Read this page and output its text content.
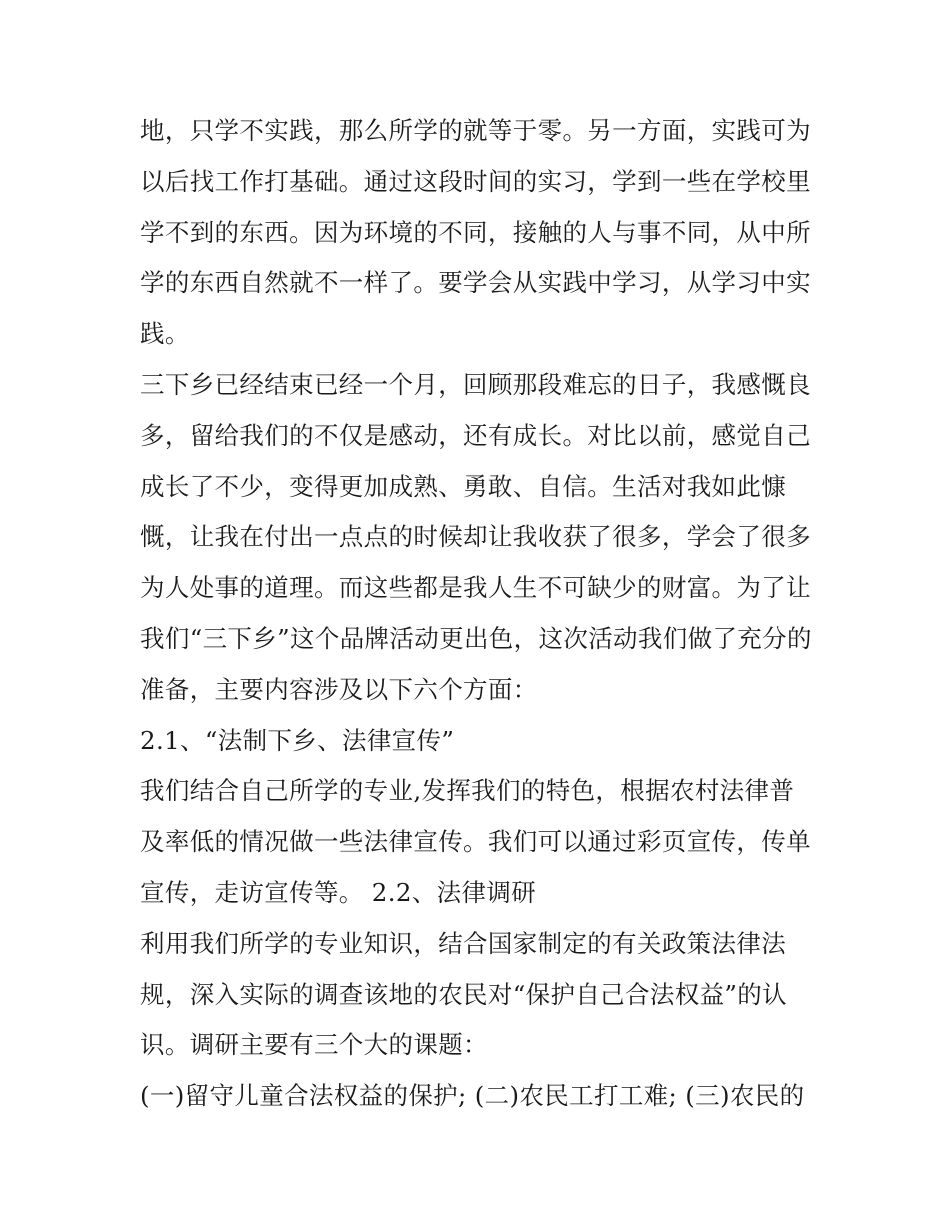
地，只学不实践，那么所学的就等于零。另一方面，实践可为
以后找工作打基础。通过这段时间的实习，学到一些在学校里
学不到的东西。因为环境的不同，接触的人与事不同，从中所
学的东西自然就不一样了。要学会从实践中学习，从学习中实
践。
三下乡已经结束已经一个月，回顾那段难忘的日子，我感慨良
多，留给我们的不仅是感动，还有成长。对比以前，感觉自己
成长了不少，变得更加成熟、勇敢、自信。生活对我如此慷
慨，让我在付出一点点的时候却让我收获了很多，学会了很多
为人处事的道理。而这些都是我人生不可缺少的财富。为了让
我们“三下乡”这个品牌活动更出色，这次活动我们做了充分的
准备，主要内容涉及以下六个方面：
2.1、“法制下乡、法律宣传”
我们结合自己所学的专业,发挥我们的特色，根据农村法律普
及率低的情况做一些法律宣传。我们可以通过彩页宣传，传单
宣传，走访宣传等。 2.2、法律调研
利用我们所学的专业知识，结合国家制定的有关政策法律法
规，深入实际的调查该地的农民对“保护自己合法权益”的认
识。调研主要有三个大的课题：
(一)留守儿童合法权益的保护; (二)农民工打工难; (三)农民的
